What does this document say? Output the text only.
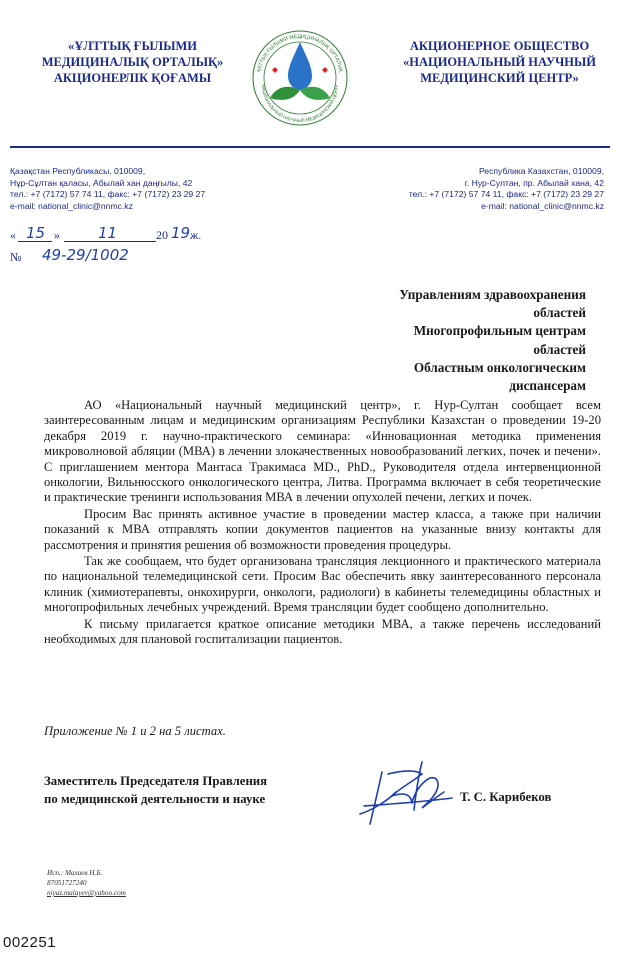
«ҰЛТТЫҚ ҒЫЛЫМИ
МЕДИЦИНАЛЫҚ ОРТАЛЫҚ»
АКЦИОНЕРЛІК ҚОҒАМЫ
ҰЛТТЫҚ ҒЫЛЫМИ МЕДИЦИНАЛЫҚ ОРТАЛЫҚ
НАЦИОНАЛЬНЫЙ НАУЧНЫЙ МЕДИЦИНСКИЙ ЦЕНТР
АКЦИОНЕРНОЕ ОБЩЕСТВО
«НАЦИОНАЛЬНЫЙ НАУЧНЫЙ
МЕДИЦИНСКИЙ ЦЕНТР»
Қазақстан Республикасы, 010009,
Нұр-Сұлтан қаласы, Абылай хан даңғылы, 42
тел.: +7 (7172) 57 74 11, факс: +7 (7172) 23 29 27
e-mail: national_clinic@nnmc.kz
Республика Казахстан, 010009,
г. Нур-Султан, пр. Абылай хана, 42
тел.: +7 (7172) 57 74 11, факс: +7 (7172) 23 29 27
e-mail: national_clinic@nnmc.kz
« 15 »	11	20 19 ж.
№ 49-29/1002
Управлениям здравоохранения
областей
Многопрофильным центрам
областей
Областным онкологическим
диспансерам

АО «Национальный научный медицинский центр», г. Нур-Султан сообщает всем заинтересованным лицам и медицинским организациям Республики Казахстан о проведении 19-20 декабря 2019 г. научно-практического семинара: «Инновационная методика применения микроволновой абляции (МВА) в лечении злокачественных новообразований легких, почек и печени». С приглашением ментора Мантаса Тракимаса MD., PhD., Руководителя отдела интервенционной онкологии, Вильнюсского онкологического центра, Литва. Программа включает в себя теоретические и практические тренинги использования МВА в лечении опухолей печени, легких и почек.

Просим Вас принять активное участие в проведении мастер класса, а также при наличии показаний к МВА отправлять копии документов пациентов на указанные внизу контакты для рассмотрения и принятия решения об возможности проведения процедуры.

Так же сообщаем, что будет организована трансляция лекционного и практического материала по национальной телемедицинской сети. Просим Вас обеспечить явку заинтересованного персонала клиник (химиотерапевты, онкохирурги, онкологи, радиологи) в кабинеты телемедицины областных и многопрофильных лечебных учреждений. Время трансляции будет сообщено дополнительно.

К письму прилагается краткое описание методики МВА, а также перечень исследований необходимых для плановой госпитализации пациентов.

Приложение № 1 и 2 на 5 листах.
Заместитель Председателя Правления
по медицинской деятельности и науке	Т. С. Карибеков
Исп.: Малаев Н.Б.
87051727240
niyaz.malayev@yahoo.com
002251
